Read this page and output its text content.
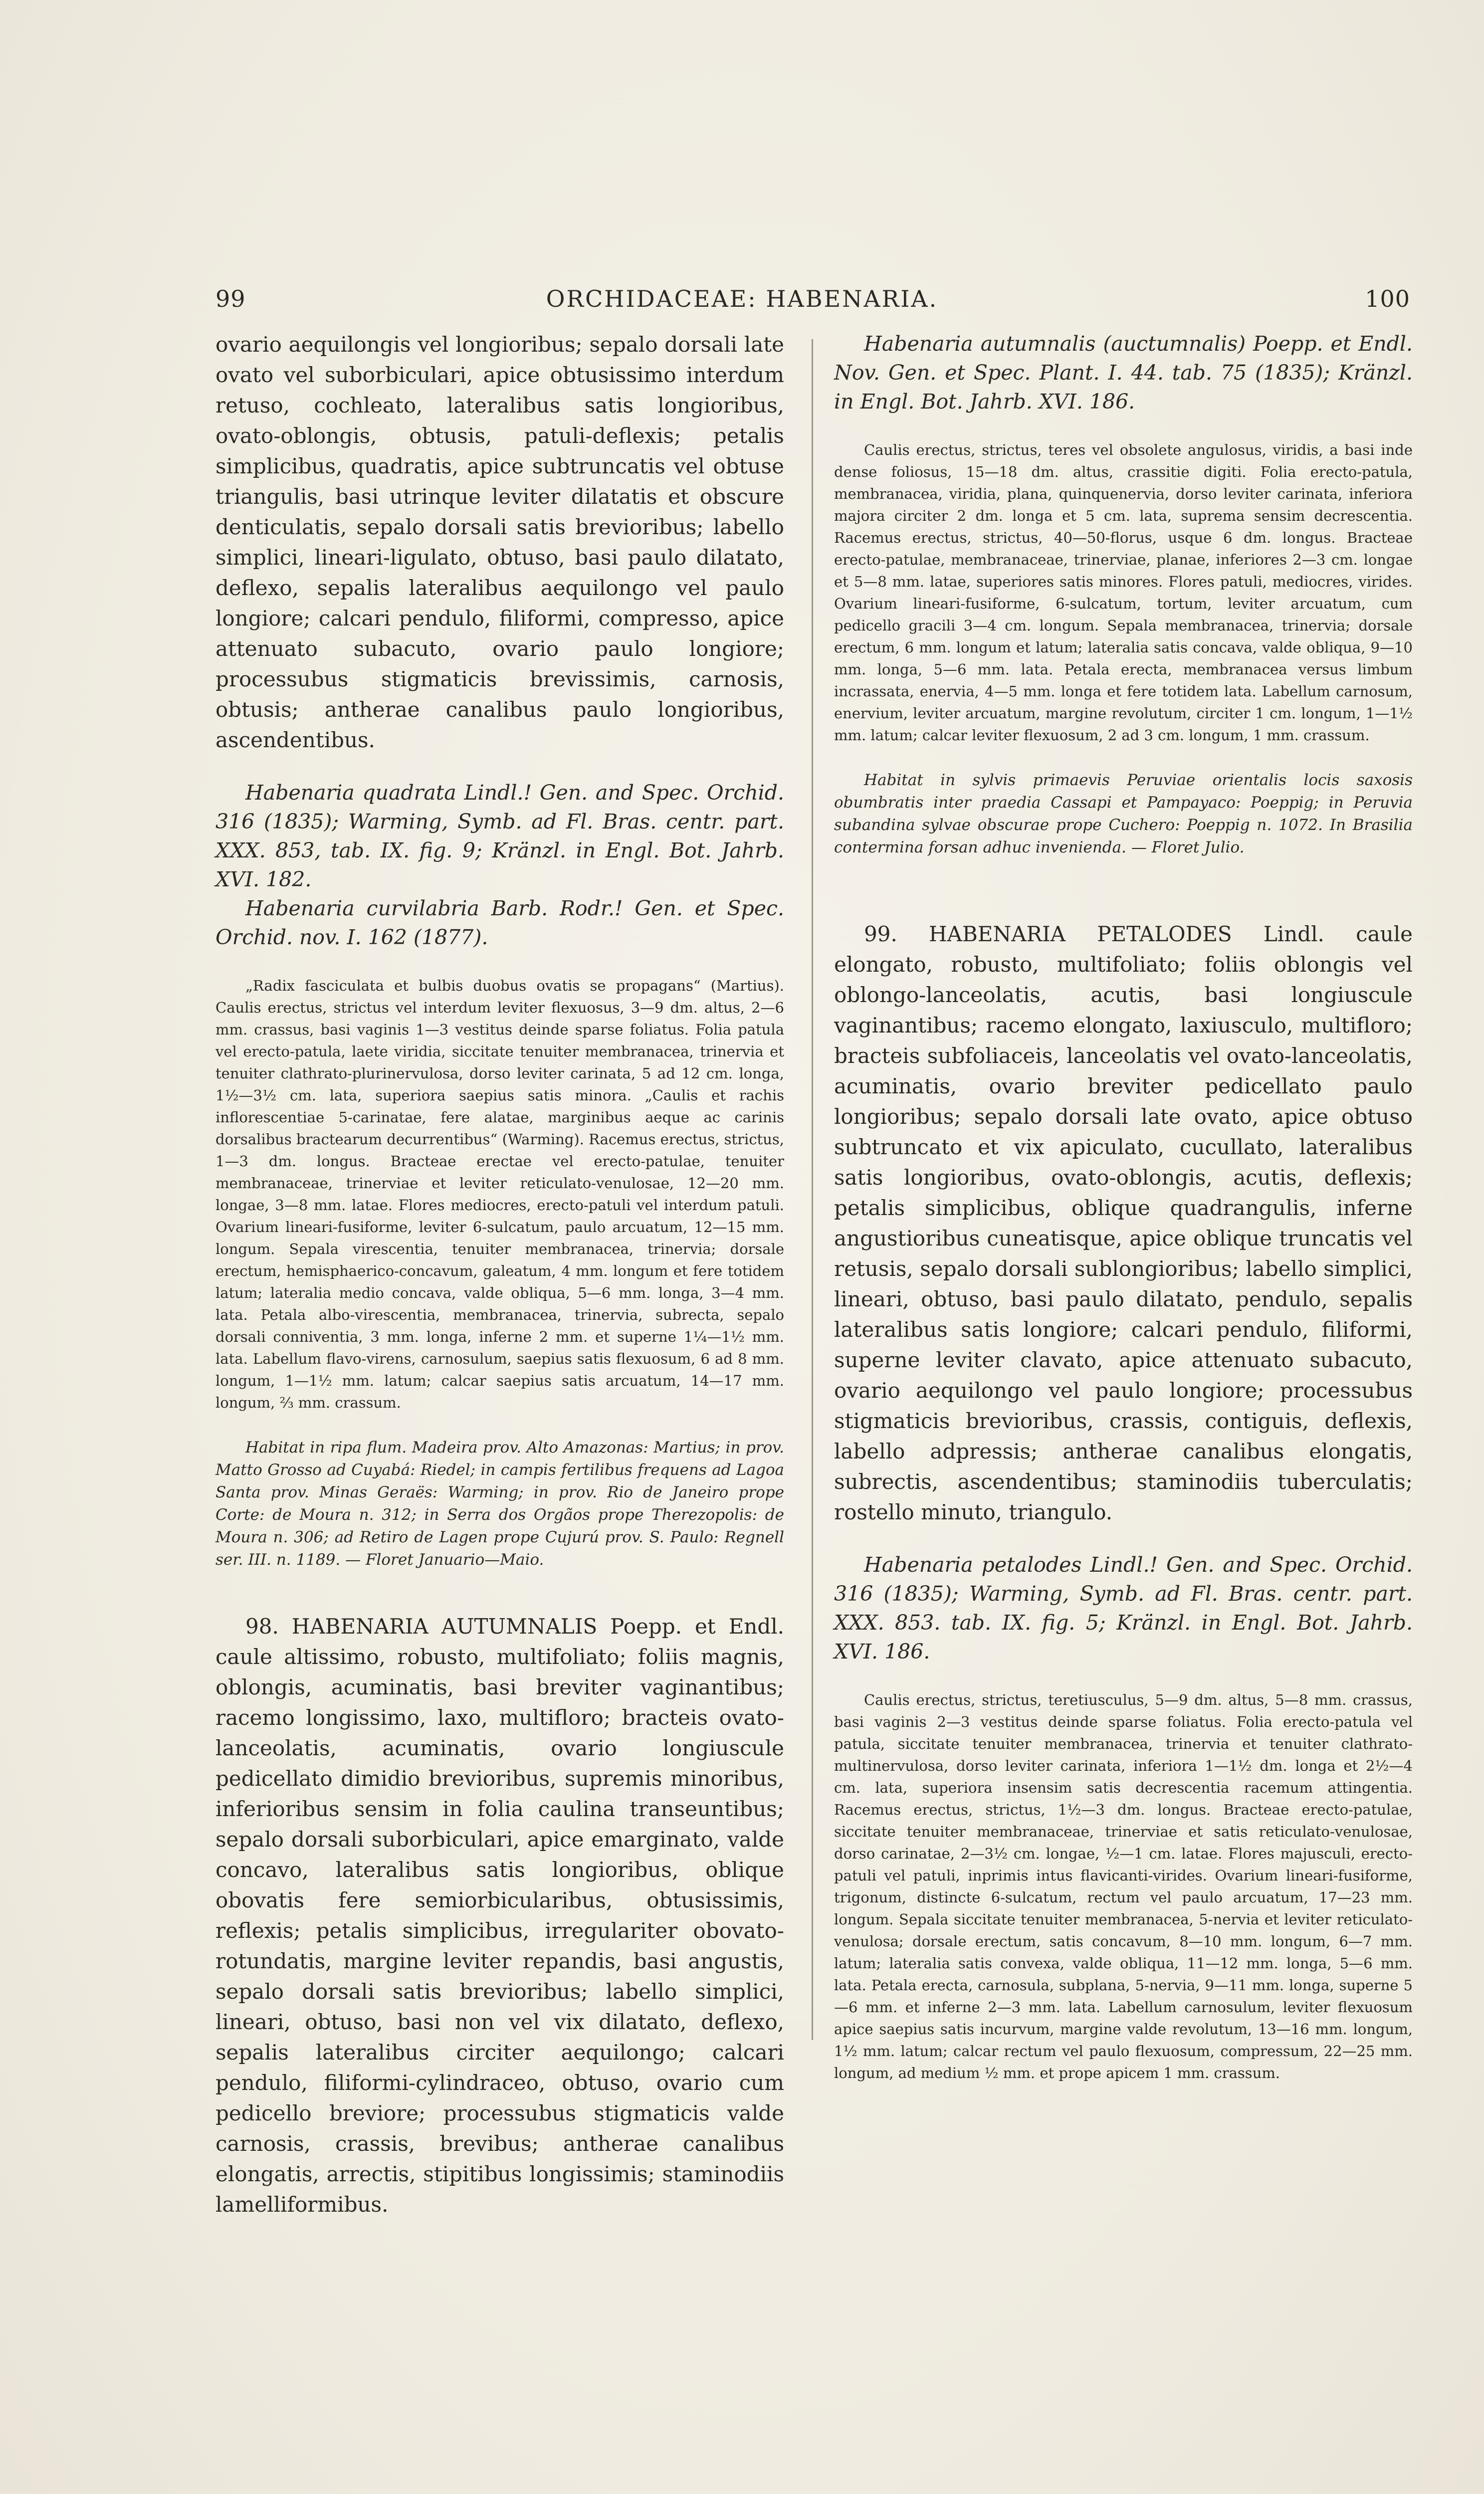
99	ORCHIDACEAE: HABENARIA.	100

ovario aequilongis vel longioribus; sepalo dorsali late ovato vel suborbiculari, apice obtusissimo interdum retuso, cochleato, lateralibus satis longioribus, ovato-oblongis, obtusis, patuli-deflexis; petalis simplicibus, quadratis, apice subtruncatis vel obtuse triangulis, basi utrinque leviter dilatatis et obscure denticulatis, sepalo dorsali satis brevioribus; labello simplici, lineari-ligulato, obtuso, basi paulo dilatato, deflexo, sepalis lateralibus aequilongo vel paulo longiore; calcari pendulo, filiformi, compresso, apice attenuato subacuto, ovario paulo longiore; processubus stigmaticis brevissimis, carnosis, obtusis; antherae canalibus paulo longioribus, ascendentibus.

Habenaria quadrata Lindl.! Gen. and Spec. Orchid. 316 (1835); Warming, Symb. ad Fl. Bras. centr. part. XXX. 853, tab. IX. fig. 9; Kränzl. in Engl. Bot. Jahrb. XVI. 182.

Habenaria curvilabria Barb. Rodr.! Gen. et Spec. Orchid. nov. I. 162 (1877).

„Radix fasciculata et bulbis duobus ovatis se propagans“ (Martius). Caulis erectus, strictus vel interdum leviter flexuosus, 3—9 dm. altus, 2—6 mm. crassus, basi vaginis 1—3 vestitus deinde sparse foliatus. Folia patula vel erecto-patula, laete viridia, siccitate tenuiter membranacea, trinervia et tenuiter clathrato-plurinervulosa, dorso leviter carinata, 5 ad 12 cm. longa, 1½—3½ cm. lata, superiora saepius satis minora. „Caulis et rachis inflorescentiae 5-carinatae, fere alatae, marginibus aeque ac carinis dorsalibus bractearum decurrentibus“ (Warming). Racemus erectus, strictus, 1—3 dm. longus. Bracteae erectae vel erecto-patulae, tenuiter membranaceae, trinerviae et leviter reticulato-venulosae, 12—20 mm. longae, 3—8 mm. latae. Flores mediocres, erecto-patuli vel interdum patuli. Ovarium lineari-fusiforme, leviter 6-sulcatum, paulo arcuatum, 12—15 mm. longum. Sepala virescentia, tenuiter membranacea, trinervia; dorsale erectum, hemisphaerico-concavum, galeatum, 4 mm. longum et fere totidem latum; lateralia medio concava, valde obliqua, 5—6 mm. longa, 3—4 mm. lata. Petala albo-virescentia, membranacea, trinervia, subrecta, sepalo dorsali conniventia, 3 mm. longa, inferne 2 mm. et superne 1¼—1½ mm. lata. Labellum flavo-virens, carnosulum, saepius satis flexuosum, 6 ad 8 mm. longum, 1—1½ mm. latum; calcar saepius satis arcuatum, 14—17 mm. longum, ⅔ mm. crassum.

Habitat in ripa flum. Madeira prov. Alto Amazonas: Martius; in prov. Matto Grosso ad Cuyabá: Riedel; in campis fertilibus frequens ad Lagoa Santa prov. Minas Geraës: Warming; in prov. Rio de Janeiro prope Corte: de Moura n. 312; in Serra dos Orgãos prope Therezopolis: de Moura n. 306; ad Retiro de Lagen prope Cujurú prov. S. Paulo: Regnell ser. III. n. 1189. — Floret Januario—Maio.

98. HABENARIA AUTUMNALIS Poepp. et Endl. caule altissimo, robusto, multifoliato; foliis magnis, oblongis, acuminatis, basi breviter vaginantibus; racemo longissimo, laxo, multifloro; bracteis ovato-lanceolatis, acuminatis, ovario longiuscule pedicellato dimidio brevioribus, supremis minoribus, inferioribus sensim in folia caulina transeuntibus; sepalo dorsali suborbiculari, apice emarginato, valde concavo, lateralibus satis longioribus, oblique obovatis fere semiorbicularibus, obtusissimis, reflexis; petalis simplicibus, irregulariter obovato-rotundatis, margine leviter repandis, basi angustis, sepalo dorsali satis brevioribus; labello simplici, lineari, obtuso, basi non vel vix dilatato, deflexo, sepalis lateralibus circiter aequilongo; calcari pendulo, filiformi-cylindraceo, obtuso, ovario cum pedicello breviore; processubus stigmaticis valde carnosis, crassis, brevibus; antherae canalibus elongatis, arrectis, stipitibus longissimis; staminodiis lamelliformibus.

Habenaria autumnalis (auctumnalis) Poepp. et Endl. Nov. Gen. et Spec. Plant. I. 44. tab. 75 (1835); Kränzl. in Engl. Bot. Jahrb. XVI. 186.

Caulis erectus, strictus, teres vel obsolete angulosus, viridis, a basi inde dense foliosus, 15—18 dm. altus, crassitie digiti. Folia erecto-patula, membranacea, viridia, plana, quinquenervia, dorso leviter carinata, inferiora majora circiter 2 dm. longa et 5 cm. lata, suprema sensim decrescentia. Racemus erectus, strictus, 40—50-florus, usque 6 dm. longus. Bracteae erecto-patulae, membranaceae, trinerviae, planae, inferiores 2—3 cm. longae et 5—8 mm. latae, superiores satis minores. Flores patuli, mediocres, virides. Ovarium lineari-fusiforme, 6-sulcatum, tortum, leviter arcuatum, cum pedicello gracili 3—4 cm. longum. Sepala membranacea, trinervia; dorsale erectum, 6 mm. longum et latum; lateralia satis concava, valde obliqua, 9—10 mm. longa, 5—6 mm. lata. Petala erecta, membranacea versus limbum incrassata, enervia, 4—5 mm. longa et fere totidem lata. Labellum carnosum, enervium, leviter arcuatum, margine revolutum, circiter 1 cm. longum, 1—1½ mm. latum; calcar leviter flexuosum, 2 ad 3 cm. longum, 1 mm. crassum.

Habitat in sylvis primaevis Peruviae orientalis locis saxosis obumbratis inter praedia Cassapi et Pampayaco: Poeppig; in Peruvia subandina sylvae obscurae prope Cuchero: Poeppig n. 1072. In Brasilia contermina forsan adhuc invenienda. — Floret Julio.

99. HABENARIA PETALODES Lindl. caule elongato, robusto, multifoliato; foliis oblongis vel oblongo-lanceolatis, acutis, basi longiuscule vaginantibus; racemo elongato, laxiusculo, multifloro; bracteis subfoliaceis, lanceolatis vel ovato-lanceolatis, acuminatis, ovario breviter pedicellato paulo longioribus; sepalo dorsali late ovato, apice obtuso subtruncato et vix apiculato, cucullato, lateralibus satis longioribus, ovato-oblongis, acutis, deflexis; petalis simplicibus, oblique quadrangulis, inferne angustioribus cuneatisque, apice oblique truncatis vel retusis, sepalo dorsali sublongioribus; labello simplici, lineari, obtuso, basi paulo dilatato, pendulo, sepalis lateralibus satis longiore; calcari pendulo, filiformi, superne leviter clavato, apice attenuato subacuto, ovario aequilongo vel paulo longiore; processubus stigmaticis brevioribus, crassis, contiguis, deflexis, labello adpressis; antherae canalibus elongatis, subrectis, ascendentibus; staminodiis tuberculatis; rostello minuto, triangulo.

Habenaria petalodes Lindl.! Gen. and Spec. Orchid. 316 (1835); Warming, Symb. ad Fl. Bras. centr. part. XXX. 853. tab. IX. fig. 5; Kränzl. in Engl. Bot. Jahrb. XVI. 186.

Caulis erectus, strictus, teretiusculus, 5—9 dm. altus, 5—8 mm. crassus, basi vaginis 2—3 vestitus deinde sparse foliatus. Folia erecto-patula vel patula, siccitate tenuiter membranacea, trinervia et tenuiter clathrato-multinervulosa, dorso leviter carinata, inferiora 1—1½ dm. longa et 2½—4 cm. lata, superiora insensim satis decrescentia racemum attingentia. Racemus erectus, strictus, 1½—3 dm. longus. Bracteae erecto-patulae, siccitate tenuiter membranaceae, trinerviae et satis reticulato-venulosae, dorso carinatae, 2—3½ cm. longae, ½—1 cm. latae. Flores majusculi, erecto-patuli vel patuli, inprimis intus flavicanti-virides. Ovarium lineari-fusiforme, trigonum, distincte 6-sulcatum, rectum vel paulo arcuatum, 17—23 mm. longum. Sepala siccitate tenuiter membranacea, 5-nervia et leviter reticulato-venulosa; dorsale erectum, satis concavum, 8—10 mm. longum, 6—7 mm. latum; lateralia satis convexa, valde obliqua, 11—12 mm. longa, 5—6 mm. lata. Petala erecta, carnosula, subplana, 5-nervia, 9—11 mm. longa, superne 5—6 mm. et inferne 2—3 mm. lata. Labellum carnosulum, leviter flexuosum apice saepius satis incurvum, margine valde revolutum, 13—16 mm. longum, 1½ mm. latum; calcar rectum vel paulo flexuosum, compressum, 22—25 mm. longum, ad medium ½ mm. et prope apicem 1 mm. crassum.
